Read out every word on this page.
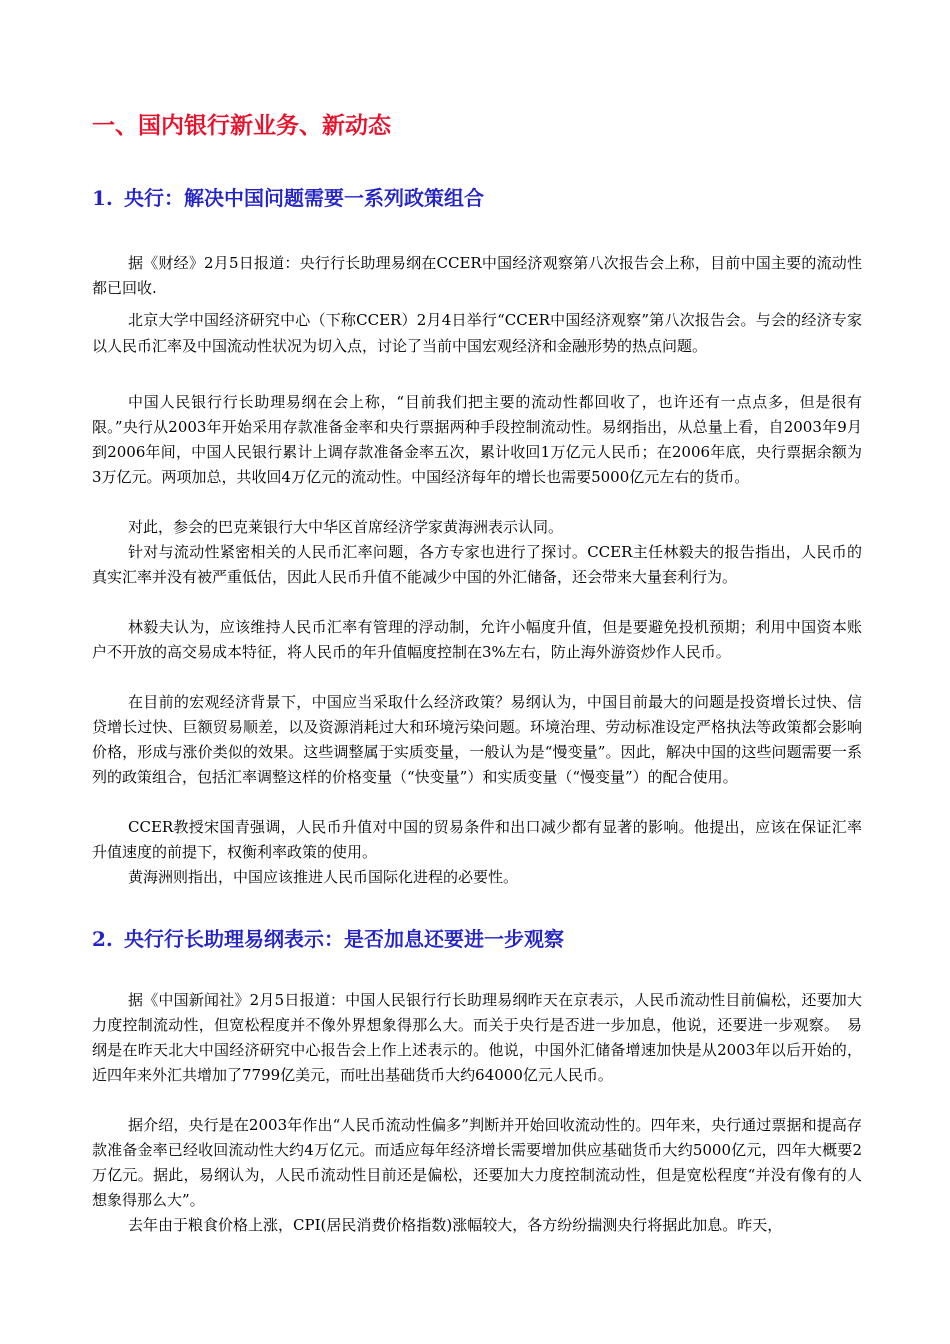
一、国内银行新业务、新动态
1. 央行：解决中国问题需要一系列政策组合

据《财经》2月5日报道：央行行长助理易纲在CCER中国经济观察第八次报告会上称，目前中国主要的流动性都已回收.

北京大学中国经济研究中心（下称CCER）2月4日举行“CCER中国经济观察”第八次报告会。与会的经济专家以人民币汇率及中国流动性状况为切入点，讨论了当前中国宏观经济和金融形势的热点问题。

中国人民银行行长助理易纲在会上称，“目前我们把主要的流动性都回收了，也许还有一点点多，但是很有限。”央行从2003年开始采用存款准备金率和央行票据两种手段控制流动性。易纲指出，从总量上看，自2003年9月到2006年间，中国人民银行累计上调存款准备金率五次，累计收回1万亿元人民币；在2006年底，央行票据余额为3万亿元。两项加总，共收回4万亿元的流动性。中国经济每年的增长也需要5000亿元左右的货币。

对此，参会的巴克莱银行大中华区首席经济学家黄海洲表示认同。

针对与流动性紧密相关的人民币汇率问题，各方专家也进行了探讨。CCER主任林毅夫的报告指出，人民币的真实汇率并没有被严重低估，因此人民币升值不能减少中国的外汇储备，还会带来大量套利行为。

林毅夫认为，应该维持人民币汇率有管理的浮动制，允许小幅度升值，但是要避免投机预期；利用中国资本账户不开放的高交易成本特征，将人民币的年升值幅度控制在3%左右，防止海外游资炒作人民币。

在目前的宏观经济背景下，中国应当采取什么经济政策？易纲认为，中国目前最大的问题是投资增长过快、信贷增长过快、巨额贸易顺差，以及资源消耗过大和环境污染问题。环境治理、劳动标准设定严格执法等政策都会影响价格，形成与涨价类似的效果。这些调整属于实质变量，一般认为是“慢变量”。因此，解决中国的这些问题需要一系列的政策组合，包括汇率调整这样的价格变量（“快变量”）和实质变量（“慢变量”）的配合使用。

CCER教授宋国青强调，人民币升值对中国的贸易条件和出口减少都有显著的影响。他提出，应该在保证汇率升值速度的前提下，权衡利率政策的使用。

黄海洲则指出，中国应该推进人民币国际化进程的必要性。

2. 央行行长助理易纲表示：是否加息还要进一步观察

据《中国新闻社》2月5日报道：中国人民银行行长助理易纲昨天在京表示，人民币流动性目前偏松，还要加大力度控制流动性，但宽松程度并不像外界想象得那么大。而关于央行是否进一步加息，他说，还要进一步观察。　易纲是在昨天北大中国经济研究中心报告会上作上述表示的。他说，中国外汇储备增速加快是从2003年以后开始的，近四年来外汇共增加了7799亿美元，而吐出基础货币大约64000亿元人民币。

据介绍，央行是在2003年作出“人民币流动性偏多”判断并开始回收流动性的。四年来，央行通过票据和提高存款准备金率已经收回流动性大约4万亿元。而适应每年经济增长需要增加供应基础货币大约5000亿元，四年大概要2万亿元。据此，易纲认为，人民币流动性目前还是偏松，还要加大力度控制流动性，但是宽松程度“并没有像有的人想象得那么大”。

去年由于粮食价格上涨，CPI(居民消费价格指数)涨幅较大，各方纷纷揣测央行将据此加息。昨天，
